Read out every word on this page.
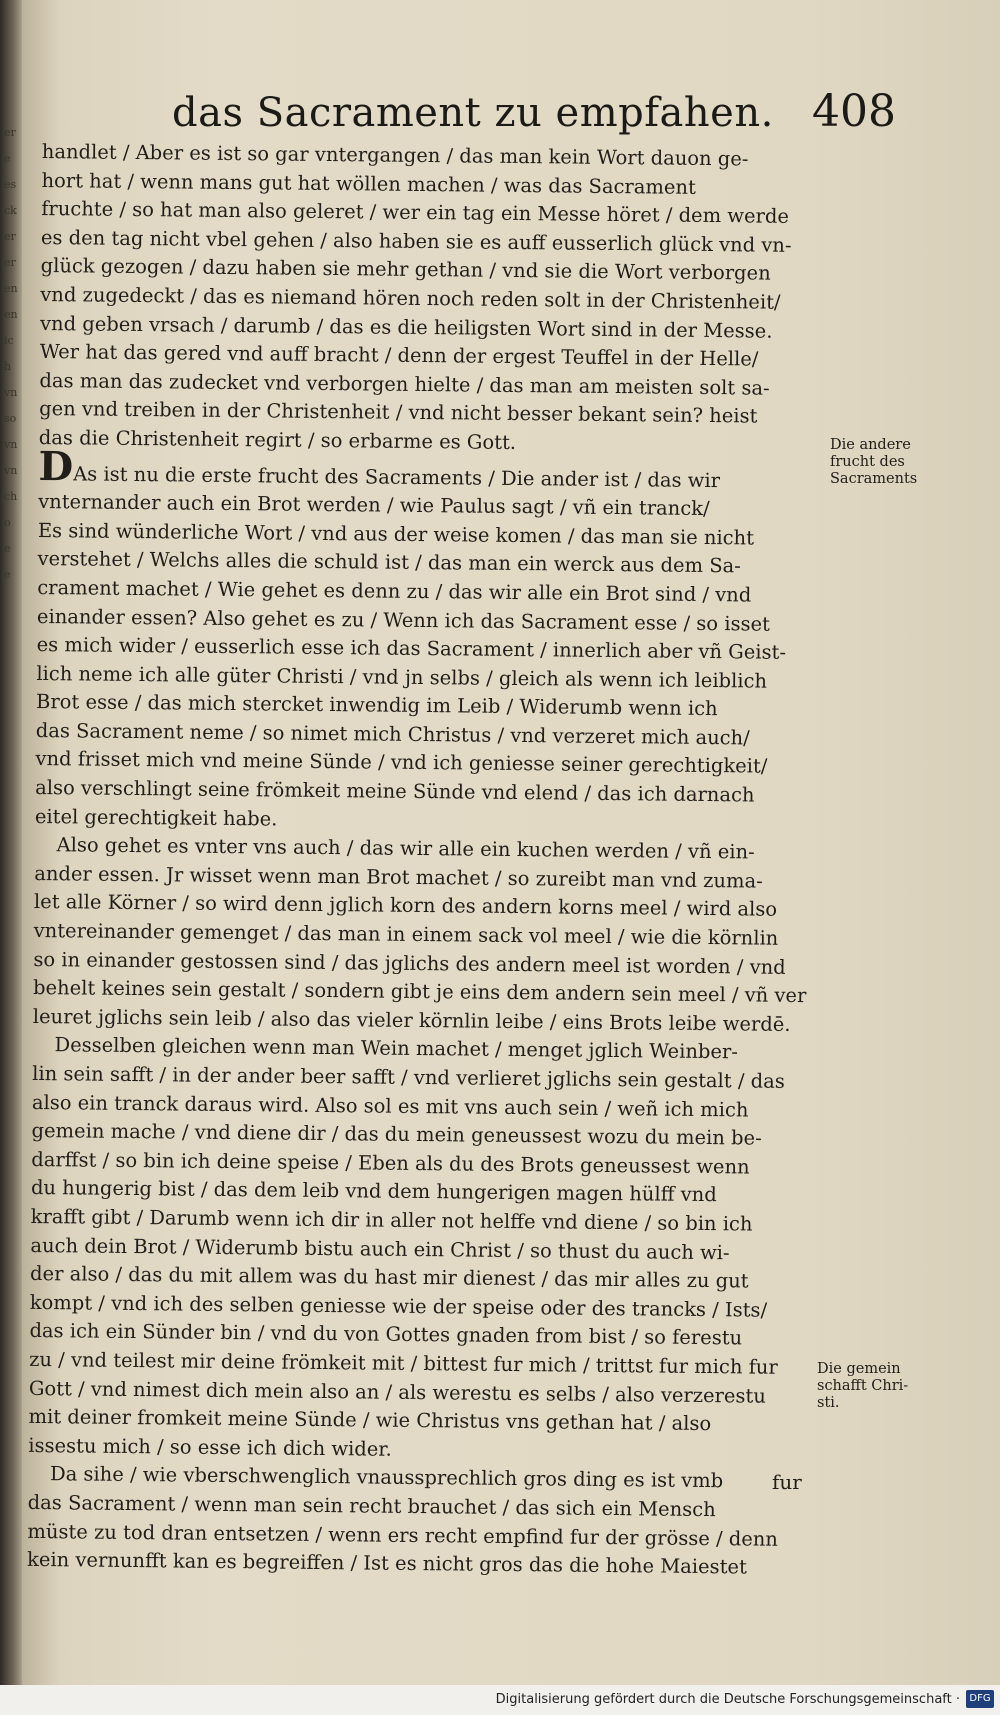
ere es ck er er en en ich vn so vn vn ch o e e
das Sacrament zu empfahen. 408

handlet / Aber es ist so gar vntergangen / das man kein Wort dauon ge-
hort hat / wenn mans gut hat wöllen machen / was das Sacrament
fruchte / so hat man also geleret / wer ein tag ein Messe höret / dem werde
es den tag nicht vbel gehen / also haben sie es auff eusserlich glück vnd vn-
glück gezogen / dazu haben sie mehr gethan / vnd sie die Wort verborgen
vnd zugedeckt / das es niemand hören noch reden solt in der Christenheit/
vnd geben vrsach / darumb / das es die heiligsten Wort sind in der Messe.
Wer hat das gered vnd auff bracht / denn der ergest Teuffel in der Helle/
das man das zudecket vnd verborgen hielte / das man am meisten solt sa-
gen vnd treiben in der Christenheit / vnd nicht besser bekant sein? heist
das die Christenheit regirt / so erbarme es Gott.

DAs ist nu die erste frucht des Sacraments / Die ander ist / das wir
vnternander auch ein Brot werden / wie Paulus sagt / vñ ein tranck/
Es sind wünderliche Wort / vnd aus der weise komen / das man sie nicht
verstehet / Welchs alles die schuld ist / das man ein werck aus dem Sa-
crament machet / Wie gehet es denn zu / das wir alle ein Brot sind / vnd
einander essen? Also gehet es zu / Wenn ich das Sacrament esse / so isset
es mich wider / eusserlich esse ich das Sacrament / innerlich aber vñ Geist-
lich neme ich alle güter Christi / vnd jn selbs / gleich als wenn ich leiblich
Brot esse / das mich stercket inwendig im Leib / Widerumb wenn ich
das Sacrament neme / so nimet mich Christus / vnd verzeret mich auch/
vnd frisset mich vnd meine Sünde / vnd ich geniesse seiner gerechtigkeit/
also verschlingt seine frömkeit meine Sünde vnd elend / das ich darnach
eitel gerechtigkeit habe.

Also gehet es vnter vns auch / das wir alle ein kuchen werden / vñ ein-
ander essen. Jr wisset wenn man Brot machet / so zureibt man vnd zuma-
let alle Körner / so wird denn jglich korn des andern korns meel / wird also
vntereinander gemenget / das man in einem sack vol meel / wie die körnlin
so in einander gestossen sind / das jglichs des andern meel ist worden / vnd
behelt keines sein gestalt / sondern gibt je eins dem andern sein meel / vñ ver
leuret jglichs sein leib / also das vieler körnlin leibe / eins Brots leibe werdē.

Desselben gleichen wenn man Wein machet / menget jglich Weinber-
lin sein safft / in der ander beer safft / vnd verlieret jglichs sein gestalt / das
also ein tranck daraus wird. Also sol es mit vns auch sein / weñ ich mich
gemein mache / vnd diene dir / das du mein geneussest wozu du mein be-
darffst / so bin ich deine speise / Eben als du des Brots geneussest wenn
du hungerig bist / das dem leib vnd dem hungerigen magen hülff vnd
krafft gibt / Darumb wenn ich dir in aller not helffe vnd diene / so bin ich
auch dein Brot / Widerumb bistu auch ein Christ / so thust du auch wi-
der also / das du mit allem was du hast mir dienest / das mir alles zu gut
kompt / vnd ich des selben geniesse wie der speise oder des trancks / Ists/
das ich ein Sünder bin / vnd du von Gottes gnaden from bist / so ferestu
zu / vnd teilest mir deine frömkeit mit / bittest fur mich / trittst fur mich fur
Gott / vnd nimest dich mein also an / als werestu es selbs / also verzerestu
mit deiner fromkeit meine Sünde / wie Christus vns gethan hat / also
issestu mich / so esse ich dich wider.

Da sihe / wie vberschwenglich vnaussprechlich gros ding es ist vmb
das Sacrament / wenn man sein recht brauchet / das sich ein Mensch
müste zu tod dran entsetzen / wenn ers recht empfind fur der grösse / denn
kein vernunfft kan es begreiffen / Ist es nicht gros das die hohe Maiestet

Die andere
frucht des
Sacraments
Die gemein
schafft Chri-
sti.
fur
Digitalisierung gefördert durch die Deutsche Forschungsgemeinschaft · DFG
